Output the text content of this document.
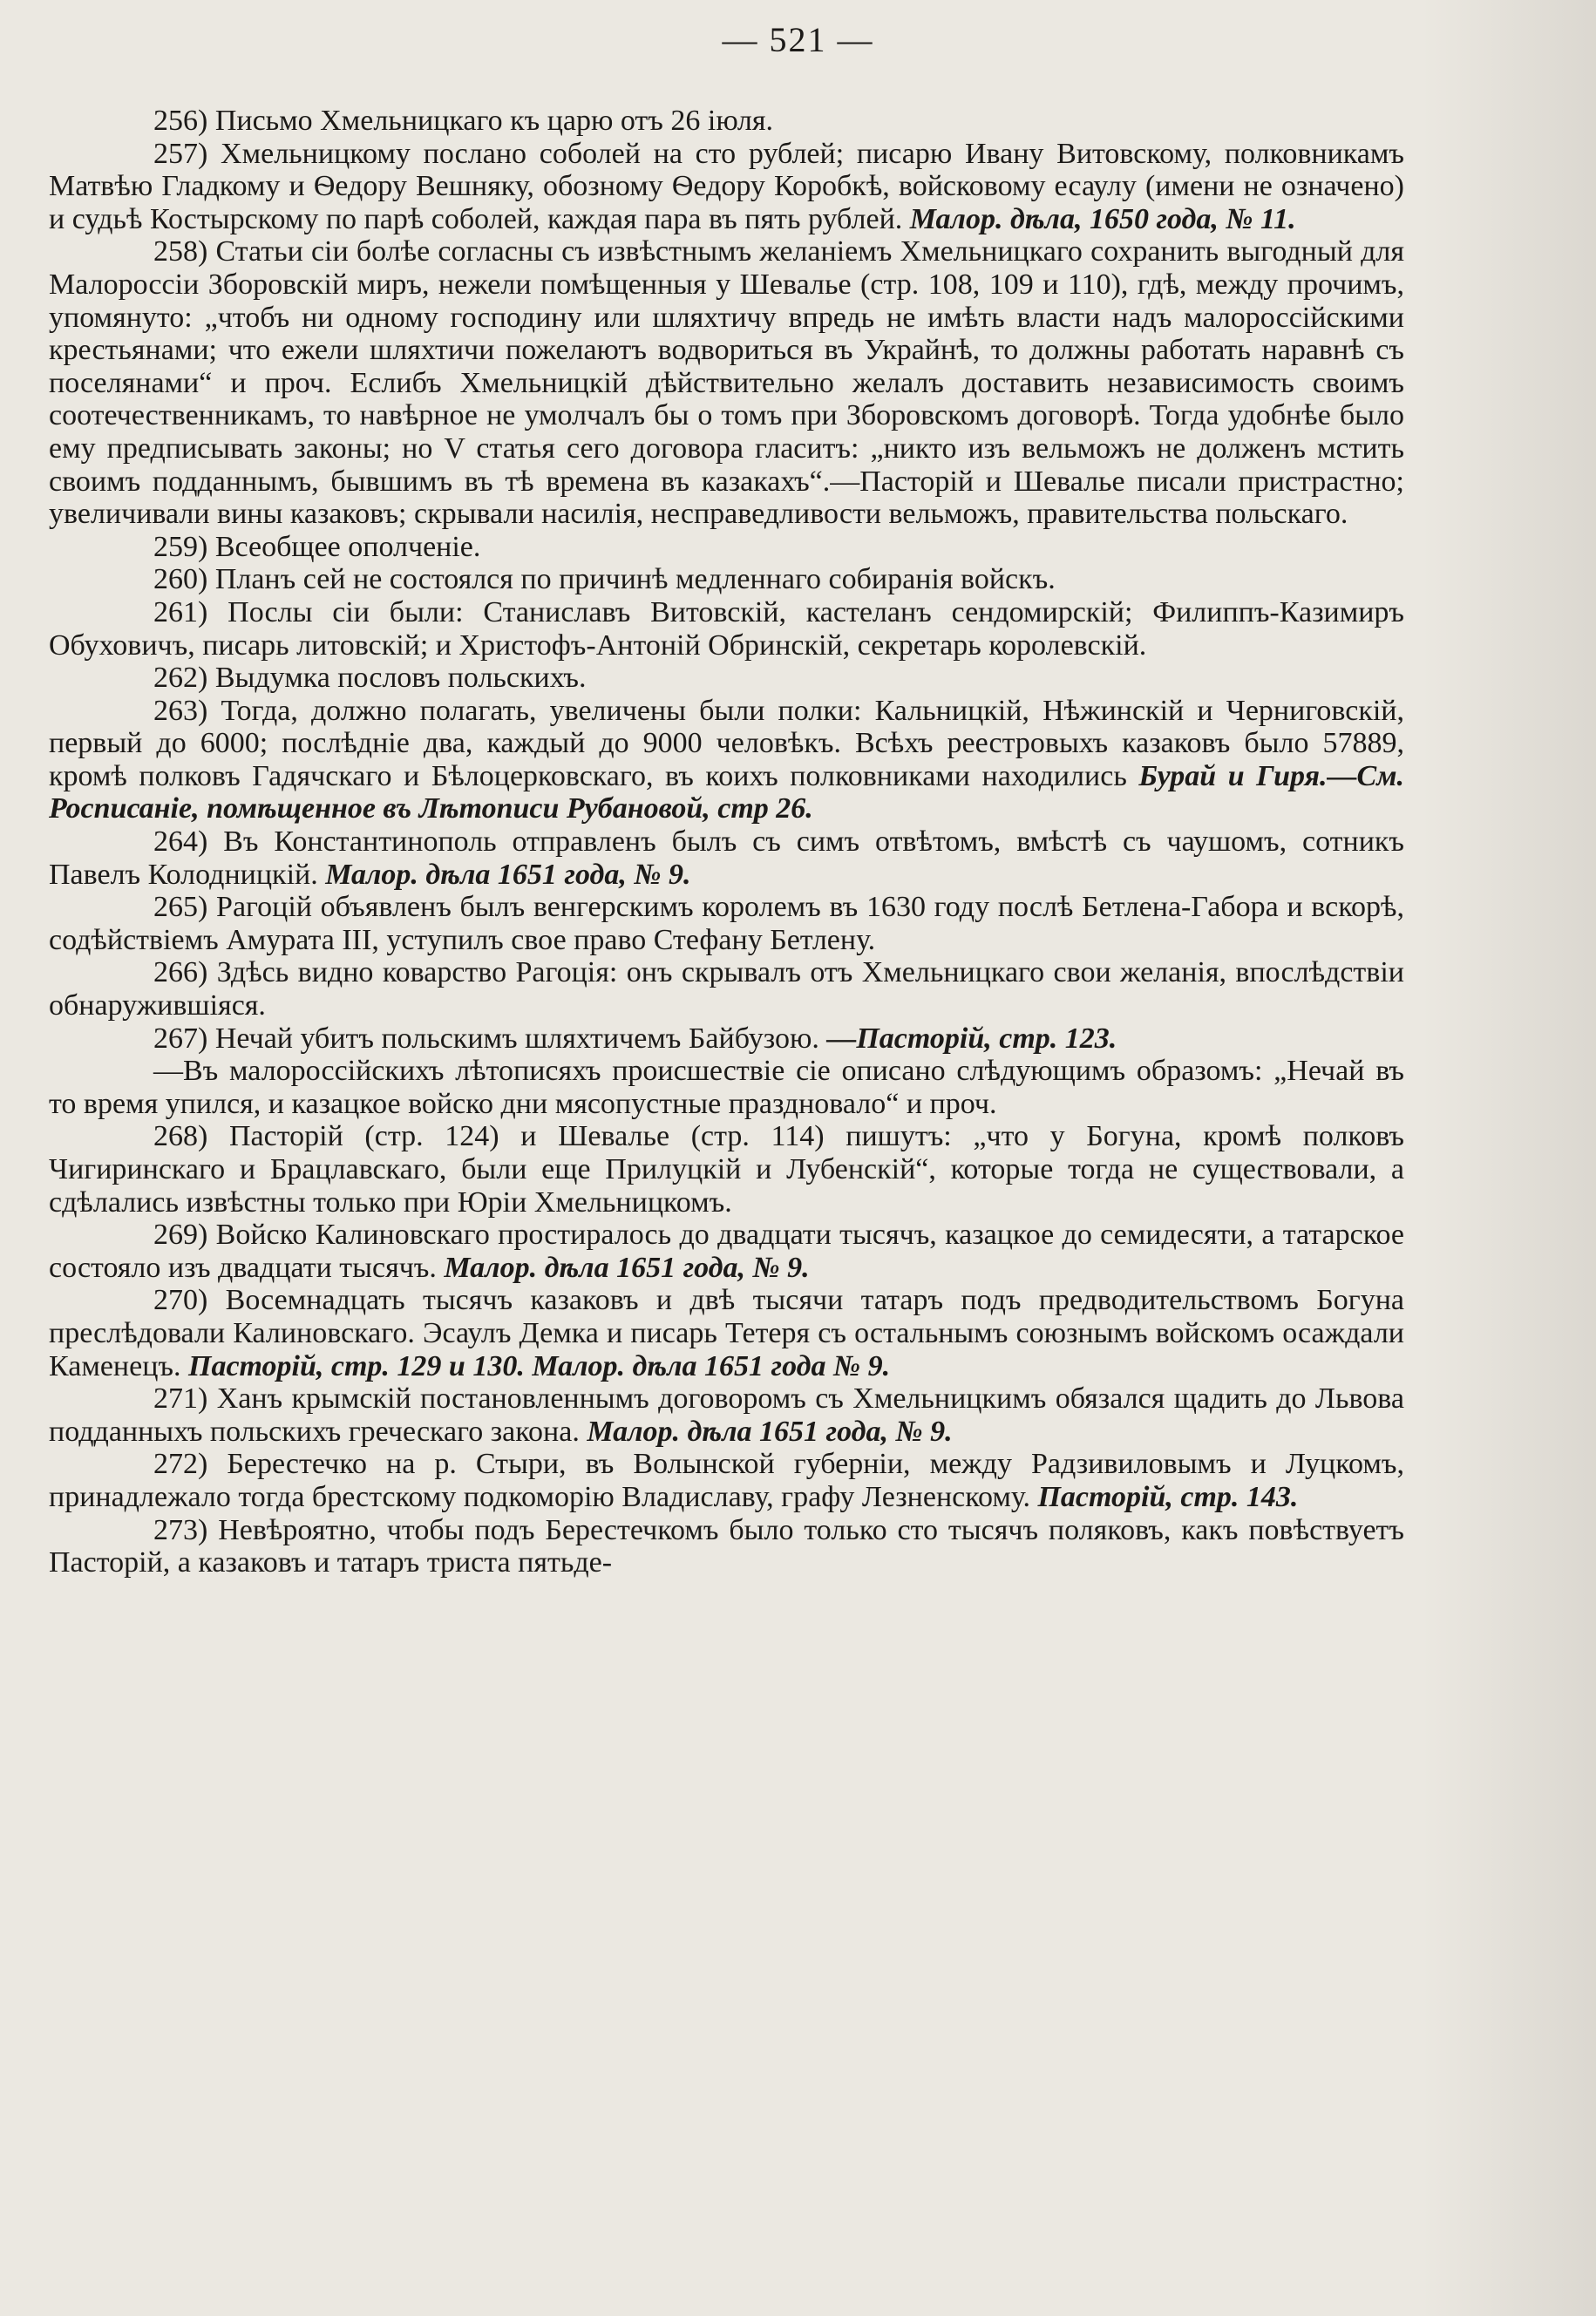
— 521 —

256) Письмо Хмельницкаго къ царю отъ 26 iюля.

257) Хмельницкому послано соболей на сто рублей; писарю Ивану Витовскому, полковникамъ Матвѣю Гладкому и Ѳедору Вешняку, обозному Ѳедору Коробкѣ, войсковому есаулу (имени не означено) и судьѣ Костырскому по парѣ соболей, каждая пара въ пять рублей. Малор. дѣла, 1650 года, № 11.

258) Статьи сiи болѣе согласны съ извѣстнымъ желанiемъ Хмельницкаго сохранить выгодный для Малороссiи Зборовскiй миръ, нежели помѣщенныя у Шевалье (стр. 108, 109 и 110), гдѣ, между прочимъ, упомянуто: „чтобъ ни одному господину или шляхтичу впредь не имѣть власти надъ малороссiйскими крестьянами; что ежели шляхтичи пожелаютъ водвориться въ Украйнѣ, то должны работать наравнѣ съ поселянами“ и проч. Еслибъ Хмельницкiй дѣйствительно желалъ доставить независимость своимъ соотечественникамъ, то навѣрное не умолчалъ бы о томъ при Зборовскомъ договорѣ. Тогда удобнѣе было ему предписывать законы; но V статья сего договора гласитъ: „никто изъ вельможъ не долженъ мстить своимъ подданнымъ, бывшимъ въ тѣ времена въ казакахъ“.—Пасторiй и Шевалье писали пристрастно; увеличивали вины казаковъ; скрывали насилiя, несправедливости вельможъ, правительства польскаго.

259) Всеобщее ополченiе.

260) Планъ сей не состоялся по причинѣ медленнаго собиранiя войскъ.

261) Послы сiи были: Станиславъ Витовскiй, кастеланъ сендомирскiй; Филиппъ-Казимиръ Обуховичъ, писарь литовскiй; и Христофъ-Антонiй Обринскiй, секретарь королевскiй.

262) Выдумка пословъ польскихъ.

263) Тогда, должно полагать, увеличены были полки: Кальницкiй, Нѣжинскiй и Черниговскiй, первый до 6000; послѣднiе два, каждый до 9000 человѣкъ. Всѣхъ реестровыхъ казаковъ было 57889, кромѣ полковъ Гадячскаго и Бѣлоцерковскаго, въ коихъ полковниками находились Бурай и Гиря.—См. Росписанiе, помѣщенное въ Лѣтописи Рубановой, стр 26.

264) Въ Константинополь отправленъ былъ съ симъ отвѣтомъ, вмѣстѣ съ чаушомъ, сотникъ Павелъ Колодницкiй. Малор. дѣла 1651 года, № 9.

265) Рагоцiй объявленъ былъ венгерскимъ королемъ въ 1630 году послѣ Бетлена-Габора и вскорѣ, содѣйствiемъ Амурата III, уступилъ свое право Стефану Бетлену.

266) Здѣсь видно коварство Рагоцiя: онъ скрывалъ отъ Хмельницкаго свои желанiя, впослѣдствiи обнаружившiяся.

267) Нечай убитъ польскимъ шляхтичемъ Байбузою. —Пасторiй, стр. 123.

—Въ малороссiйскихъ лѣтописяхъ происшествiе сiе описано слѣдующимъ образомъ: „Нечай въ то время упился, и казацкое войско дни мясопустные праздновало“ и проч.

268) Пасторiй (стр. 124) и Шевалье (стр. 114) пишутъ: „что у Богуна, кромѣ полковъ Чигиринскаго и Брацлавскаго, были еще Прилуцкiй и Лубенскiй“, которые тогда не существовали, а сдѣлались извѣстны только при Юрiи Хмельницкомъ.

269) Войско Калиновскаго простиралось до двадцати тысячъ, казацкое до семидесяти, а татарское состояло изъ двадцати тысячъ. Малор. дѣла 1651 года, № 9.

270) Восемнадцать тысячъ казаковъ и двѣ тысячи татаръ подъ предводительствомъ Богуна преслѣдовали Калиновскаго. Эсаулъ Демка и писарь Тетеря съ остальнымъ союзнымъ войскомъ осаждали Каменецъ. Пасторiй, стр. 129 и 130. Малор. дѣла 1651 года № 9.

271) Ханъ крымскiй постановленнымъ договоромъ съ Хмельницкимъ обязался щадить до Львова подданныхъ польскихъ греческаго закона. Малор. дѣла 1651 года, № 9.

272) Берестечко на р. Стыри, въ Волынской губернiи, между Радзивиловымъ и Луцкомъ, принадлежало тогда брестскому подкоморiю Владиславу, графу Лезненскому. Пасторiй, стр. 143.

273) Невѣроятно, чтобы подъ Берестечкомъ было только сто тысячъ поляковъ, какъ повѣствуетъ Пасторiй, а казаковъ и татаръ триста пятьде-
